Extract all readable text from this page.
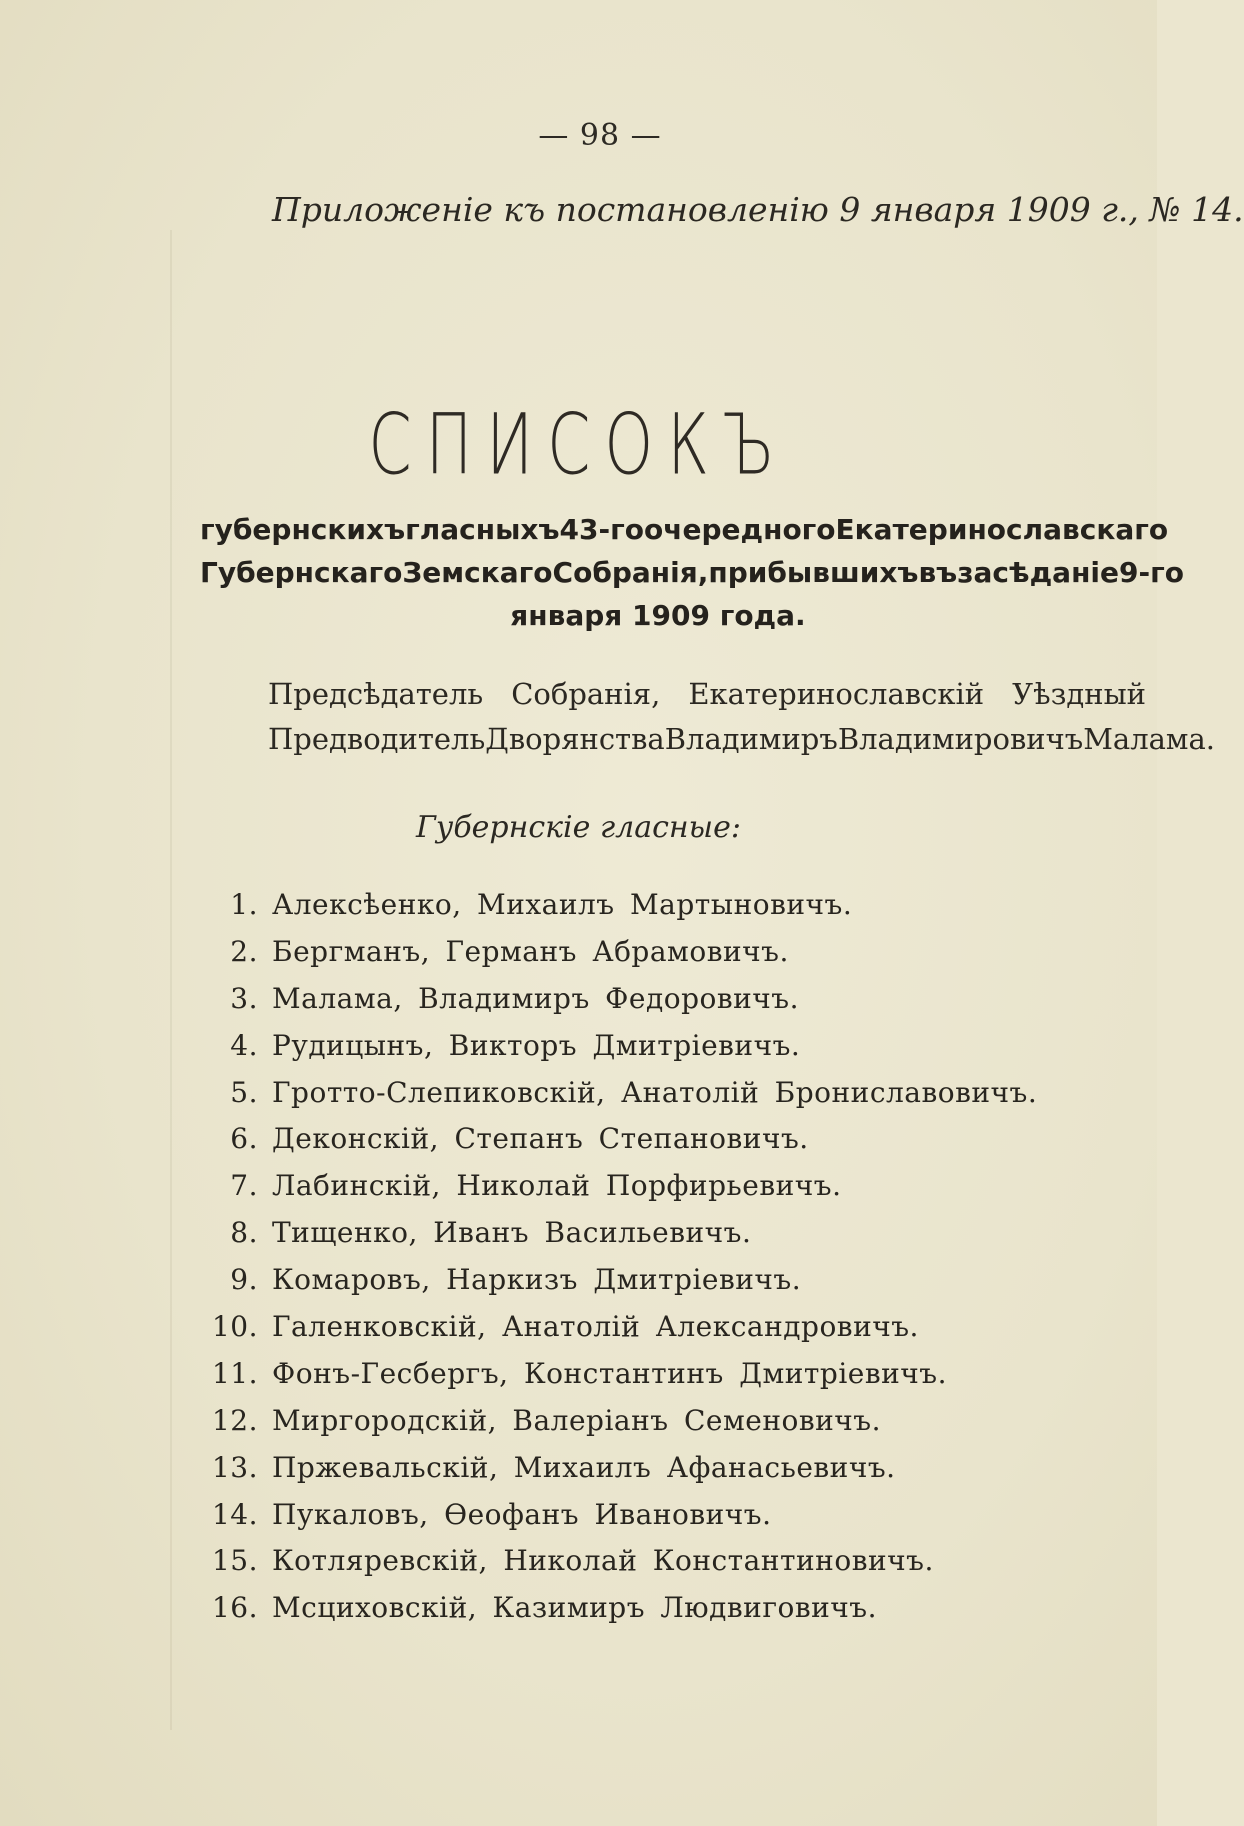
— 98 —
Приложеніе къ постановленію 9 января 1909 г., № 14.
СПИСОКЪ
губернскихъ гласныхъ 43-го очередного Екатеринославскаго
Губернскаго Земскаго Собранія, прибывшихъ въ засѣданіе 9-го
января
1909
года.
Предсѣдатель Собранія, Екатеринославскій Уѣздный
Предводитель Дворянства Владимиръ Владимировичъ Малама.
Губернскіе гласные:
1. Алексѣенко, Михаилъ Мартыновичъ.
2. Бергманъ, Германъ Абрамовичъ.
3. Малама, Владимиръ Федоровичъ.
4. Рудицынъ, Викторъ Дмитріевичъ.
5. Гротто-Слепиковскій, Анатолій Брониславовичъ.
6. Деконскій, Степанъ Степановичъ.
7. Лабинскій, Николай Порфирьевичъ.
8. Тищенко, Иванъ Васильевичъ.
9. Комаровъ, Наркизъ Дмитріевичъ.
10. Галенковскій, Анатолій Александровичъ.
11. Фонъ-Гесбергъ, Константинъ Дмитріевичъ.
12. Миргородскій, Валеріанъ Семеновичъ.
13. Пржевальскій, Михаилъ Афанасьевичъ.
14. Пукаловъ, Ѳеофанъ Ивановичъ.
15. Котляревскій, Николай Константиновичъ.
16. Мсциховскій, Казимиръ Людвиговичъ.
